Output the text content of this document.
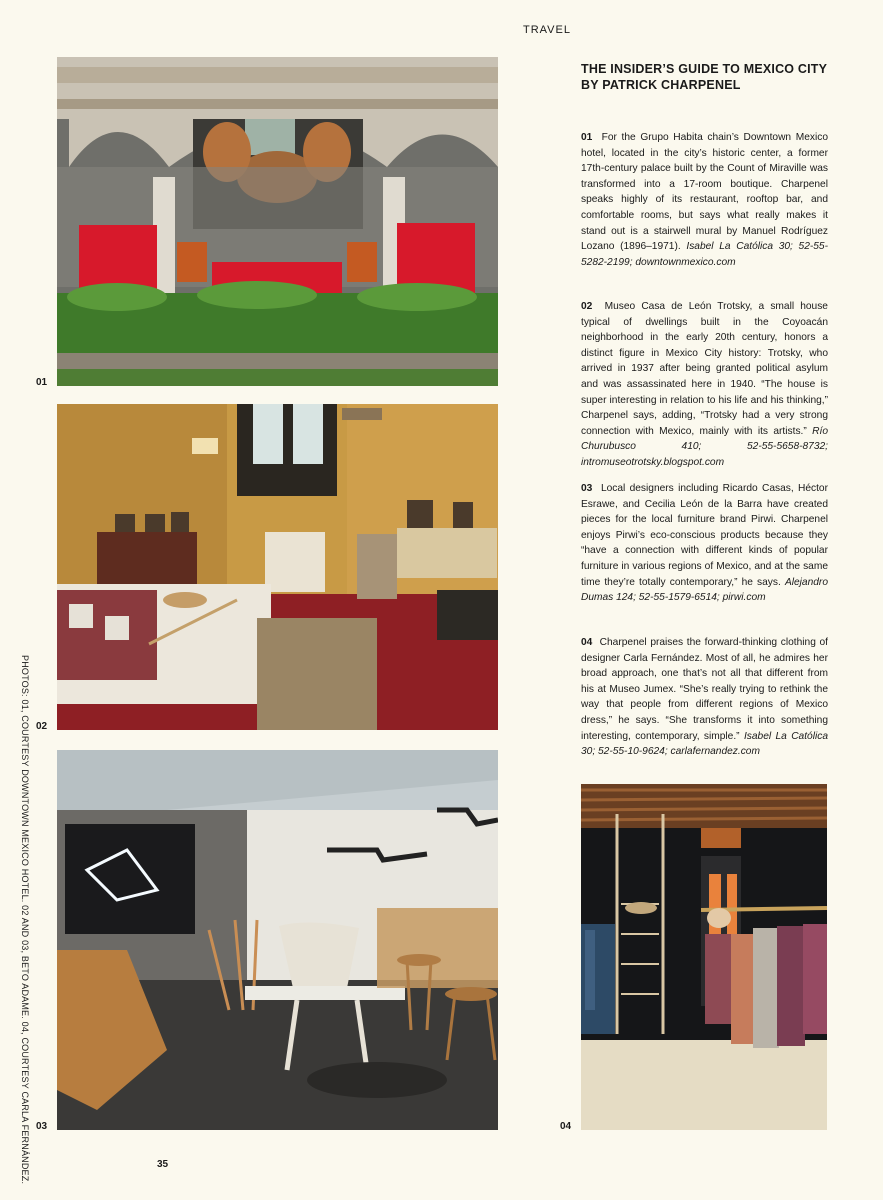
TRAVEL
THE INSIDER’S GUIDE TO MEXICO CITY
BY PATRICK CHARPENEL

01 For the Grupo Habita chain’s Downtown Mexico hotel, located in the city’s historic center, a former 17th-century palace built by the Count of Miraville was transformed into a 17-room boutique. Charpenel speaks highly of its restaurant, rooftop bar, and comfortable rooms, but says what really makes it stand out is a stairwell mural by Manuel Rodríguez Lozano (1896–1971). Isabel La Católica 30; 52-55-5282-2199; downtownmexico.com

02 Museo Casa de León Trotsky, a small house typical of dwellings built in the Coyoacán neighborhood in the early 20th century, honors a distinct figure in Mexico City history: Trotsky, who arrived in 1937 after being granted political asylum and was assassinated here in 1940. “The house is super interesting in relation to his life and his thinking,” Charpenel says, adding, “Trotsky had a very strong connection with Mexico, mainly with its artists.” Río Churubusco 410; 52-55-5658-8732; intromuseotrotsky.blogspot.com

03 Local designers including Ricardo Casas, Héctor Esrawe, and Cecilia León de la Barra have created pieces for the local furniture brand Pirwi. Charpenel enjoys Pirwi’s eco-conscious products because they “have a connection with different kinds of popular furniture in various regions of Mexico, and at the same time they’re totally contemporary,” he says. Alejandro Dumas 124; 52-55-1579-6514; pirwi.com

04 Charpenel praises the forward-thinking clothing of designer Carla Fernández. Most of all, he admires her broad approach, one that’s not all that different from his at Museo Jumex. “She’s really trying to rethink the way that people from different regions of Mexico dress,” he says. “She transforms it into something interesting, contemporary, simple.” Isabel La Católica 30; 52-55-10-9624; carlafernandez.com

01
02
03	04
PHOTOS: 01, COURTESY DOWNTOWN MEXICO HOTEL. 02 AND 03, BETO ADAME. 04, COURTESY CARLA FERNÁNDEZ.	35
